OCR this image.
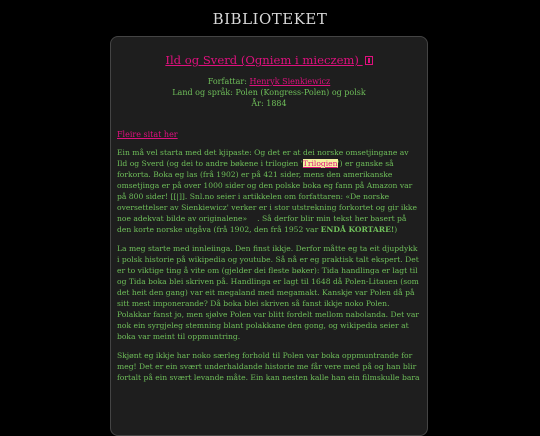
BIBLIOTEKET
Ild og Sverd (Ogniem i mieczem)
Forfattar: Henryk Sienkiewicz
Land og språk: Polen (Kongress-Polen) og polsk
År: 1884
Fleire sitat her

Ein må vel starta med det kjipaste: Og det er at dei norske omsetjingane av Ild og Sverd (og dei to andre bøkene i trilogien 'Trilogien') er ganske så forkorta. Boka eg las (frå 1902) er på 421 sider, mens den amerikanske omsetjinga er på over 1000 sider og den polske boka eg fann på Amazon var på 800 sider! [[|]]. Snl.no seier i artikkelen om forfattaren: «De norske oversettelser av Sienkiewicz' verker er i stor utstrekning forkortet og gir ikke noe adekvat bilde av originalene»  . Så derfor blir min tekst her basert på den korte norske utgåva (frå 1902, den frå 1952 var ENDÅ KORTARE!)

La meg starte med innleiinga. Den finst ikkje. Derfor måtte eg ta eit djupdykk i polsk historie på wikipedia og youtube. Så nå er eg praktisk talt ekspert. Det er to viktige ting å vite om (gjelder dei fleste bøker): Tida handlinga er lagt til og Tida boka blei skriven på. Handlinga er lagt til 1648 då Polen-Litauen (som det heit den gang) var eit megaland med megamakt. Kanskje var Polen då på sitt mest imponerande? Då boka blei skriven så fanst ikkje noko Polen. Polakkar fanst jo, men sjølve Polen var blitt fordelt mellom nabolanda. Det var nok ein syrgjeleg stemning blant polakkane den gong, og wikipedia seier at boka var meint til oppmuntring.

Skjønt eg ikkje har noko særleg forhold til Polen var boka oppmuntrande for meg! Det er ein svært underhaldande historie me får vere med på og han blir fortalt på ein svært levande måte. Ein kan nesten kalle han ein filmskulle bara
